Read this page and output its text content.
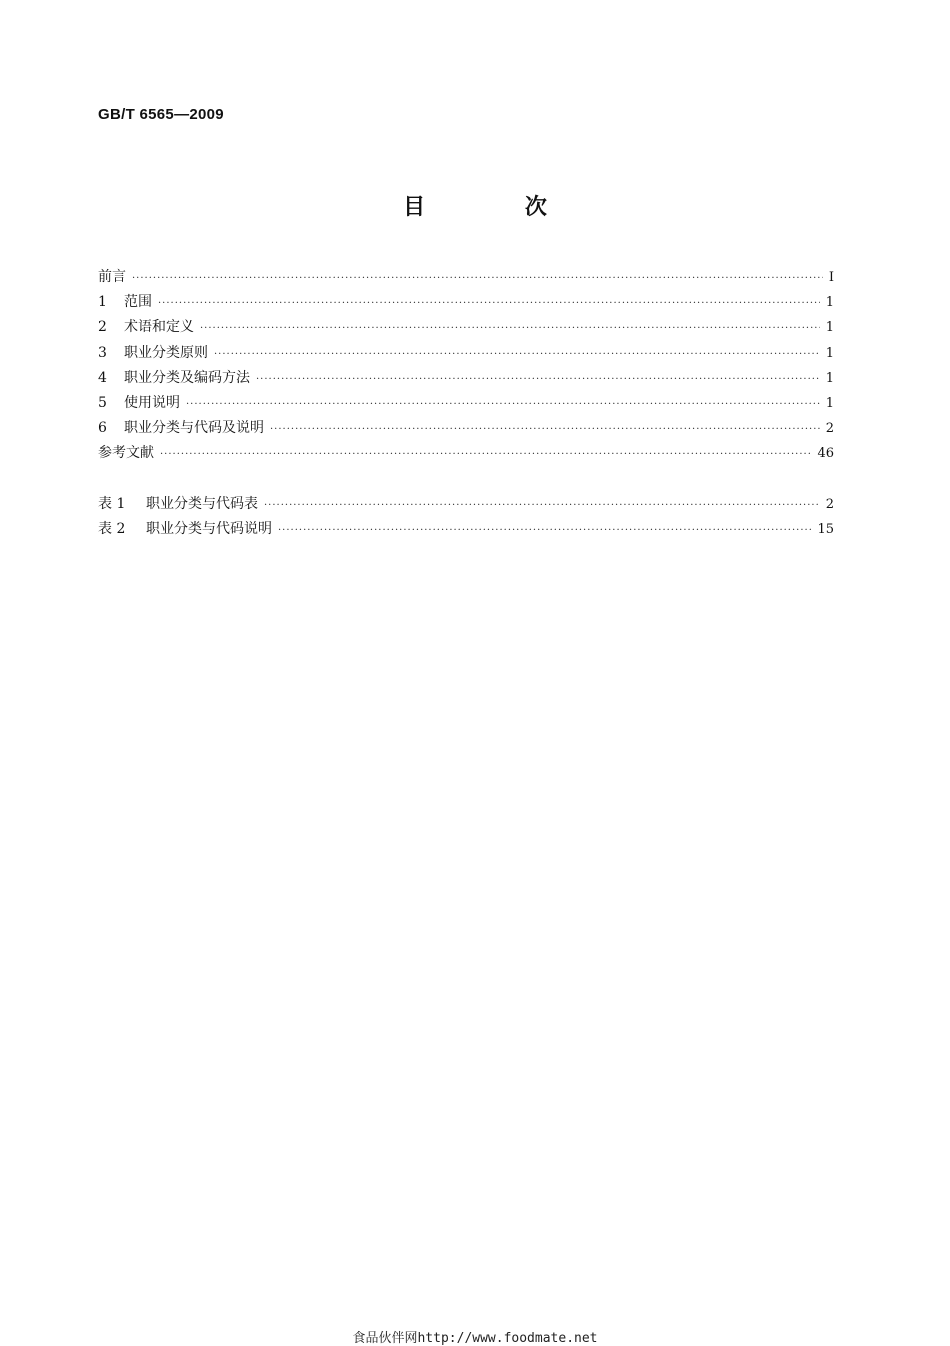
GB/T 6565—2009
目 次
前言 ·····	Ⅰ
1	范围 ·····	1
2	术语和定义 ·····	1
3	职业分类原则 ·····	1
4	职业分类及编码方法 ·····	1
5	使用说明 ·····	1
6	职业分类与代码及说明 ·····	2
参考文献 ·····	46
表 1	职业分类与代码表 ·····	2
表 2	职业分类与代码说明 ·····	15
食品伙伴网http://www.foodmate.net
